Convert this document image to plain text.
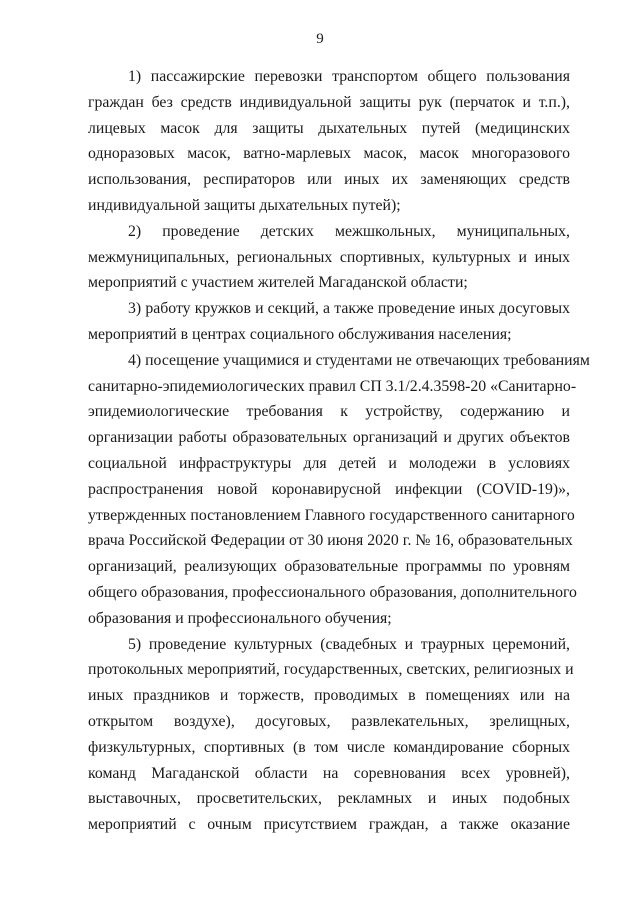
9
1) пассажирские перевозки транспортом общего пользования
граждан без средств индивидуальной защиты рук (перчаток и т.п.),
лицевых масок для защиты дыхательных путей (медицинских
одноразовых масок, ватно-марлевых масок, масок многоразового
использования, респираторов или иных их заменяющих средств
индивидуальной защиты дыхательных путей);
2) проведение детских межшкольных, муниципальных,
межмуниципальных, региональных спортивных, культурных и иных
мероприятий с участием жителей Магаданской области;
3) работу кружков и секций, а также проведение иных досуговых
мероприятий в центрах социального обслуживания населения;
4) посещение учащимися и студентами не отвечающих требованиям
санитарно-эпидемиологических правил СП 3.1/2.4.3598-20 «Санитарно-
эпидемиологические требования к устройству, содержанию и
организации работы образовательных организаций и других объектов
социальной инфраструктуры для детей и молодежи в условиях
распространения новой коронавирусной инфекции (COVID-19)»,
утвержденных постановлением Главного государственного санитарного
врача Российской Федерации от 30 июня 2020 г. № 16, образовательных
организаций, реализующих образовательные программы по уровням
общего образования, профессионального образования, дополнительного
образования и профессионального обучения;
5) проведение культурных (свадебных и траурных церемоний,
протокольных мероприятий, государственных, светских, религиозных и
иных праздников и торжеств, проводимых в помещениях или на
открытом воздухе), досуговых, развлекательных, зрелищных,
физкультурных, спортивных (в том числе командирование сборных
команд Магаданской области на соревнования всех уровней),
выставочных, просветительских, рекламных и иных подобных
мероприятий с очным присутствием граждан, а также оказание
